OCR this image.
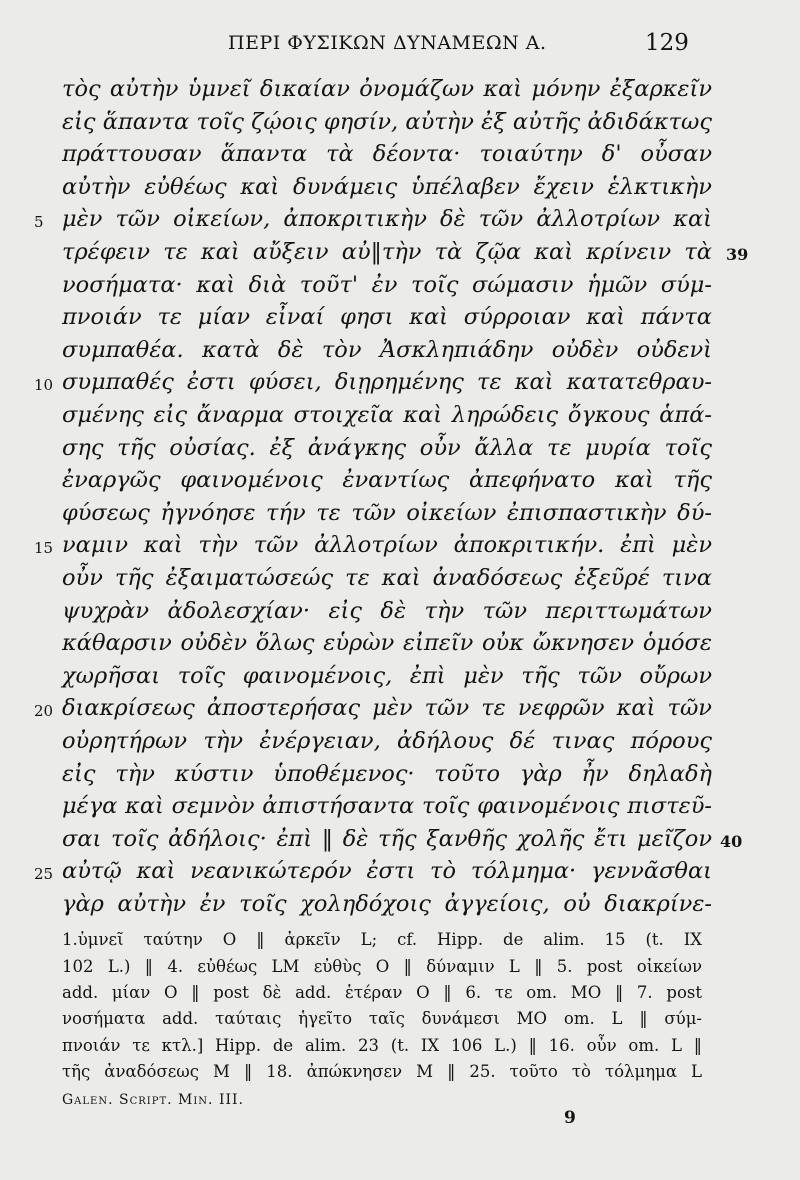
ΠΕΡΙ ΦΥΣΙΚΩΝ ΔΥΝΑΜΕΩΝ Α.	129
τὸς αὐτὴν ὑμνεῖ δικαίαν ὀνομάζων καὶ μόνην ἐξαρκεῖν
εἰς ἅπαντα τοῖς ζῴοις φησίν, αὐτὴν ἐξ αὐτῆς ἀδιδάκτως
πράττουσαν ἅπαντα τὰ δέοντα· τοιαύτην δ' οὖσαν
αὐτὴν εὐθέως καὶ δυνάμεις ὑπέλαβεν ἔχειν ἑλκτικὴν
μὲν τῶν οἰκείων, ἀποκριτικὴν δὲ τῶν ἀλλοτρίων καὶ
τρέφειν τε καὶ αὔξειν αὐ‖τὴν τὰ ζῷα καὶ κρίνειν τὰ
νοσήματα· καὶ διὰ τοῦτ' ἐν τοῖς σώμασιν ἡμῶν σύμ-
πνοιάν τε μίαν εἶναί φησι καὶ σύρροιαν καὶ πάντα
συμπαθέα. κατὰ δὲ τὸν Ἀσκληπιάδην οὐδὲν οὐδενὶ
συμπαθές ἐστι φύσει, διῃρημένης τε καὶ κατατεθραυ-
σμένης εἰς ἄναρμα στοιχεῖα καὶ ληρώδεις ὄγκους ἁπά-
σης τῆς οὐσίας. ἐξ ἀνάγκης οὖν ἄλλα τε μυρία τοῖς
ἐναργῶς φαινομένοις ἐναντίως ἀπεφήνατο καὶ τῆς
φύσεως ἠγνόησε τήν τε τῶν οἰκείων ἐπισπαστικὴν δύ-
ναμιν καὶ τὴν τῶν ἀλλοτρίων ἀποκριτικήν. ἐπὶ μὲν
οὖν τῆς ἐξαιματώσεώς τε καὶ ἀναδόσεως ἐξεῦρέ τινα
ψυχρὰν ἀδολεσχίαν· εἰς δὲ τὴν τῶν περιττωμάτων
κάθαρσιν οὐδὲν ὅλως εὑρὼν εἰπεῖν οὐκ ὤκνησεν ὁμόσε
χωρῆσαι τοῖς φαινομένοις, ἐπὶ μὲν τῆς τῶν οὔρων
διακρίσεως ἀποστερήσας μὲν τῶν τε νεφρῶν καὶ τῶν
οὐρητήρων τὴν ἐνέργειαν, ἀδήλους δέ τινας πόρους
εἰς τὴν κύστιν ὑποθέμενος· τοῦτο γὰρ ἦν δηλαδὴ
μέγα καὶ σεμνὸν ἀπιστήσαντα τοῖς φαινομένοις πιστεῦ-
σαι τοῖς ἀδήλοις· ἐπὶ ‖ δὲ τῆς ξανθῆς χολῆς ἔτι μεῖζον
αὐτῷ καὶ νεανικώτερόν ἐστι τὸ τόλμημα· γεννᾶσθαι
γὰρ αὐτὴν ἐν τοῖς χοληδόχοις ἀγγείοις, οὐ διακρίνε-
5
10
15
20
25
39
40
1.ὑμνεῖ ταύτην O ‖ ἀρκεῖν L; cf. Hipp. de alim. 15 (t. IX
102 L.) ‖ 4. εὐθέως LM εὐθὺς O ‖ δύναμιν L ‖ 5. post οἰκείων
add. μίαν O ‖ post δὲ add. ἑτέραν O ‖ 6. τε om. MO ‖ 7. post
νοσήματα add. ταύταις ἡγεῖτο ταῖς δυνάμεσι MO om. L ‖ σύμ-
πνοιάν τε κτλ.] Hipp. de alim. 23 (t. IX 106 L.) ‖ 16. οὖν om. L ‖
τῆς ἀναδόσεως M ‖ 18. ἀπώκνησεν M ‖ 25. τοῦτο τὸ τόλμημα L
Galen. Script. Min. III.
9
